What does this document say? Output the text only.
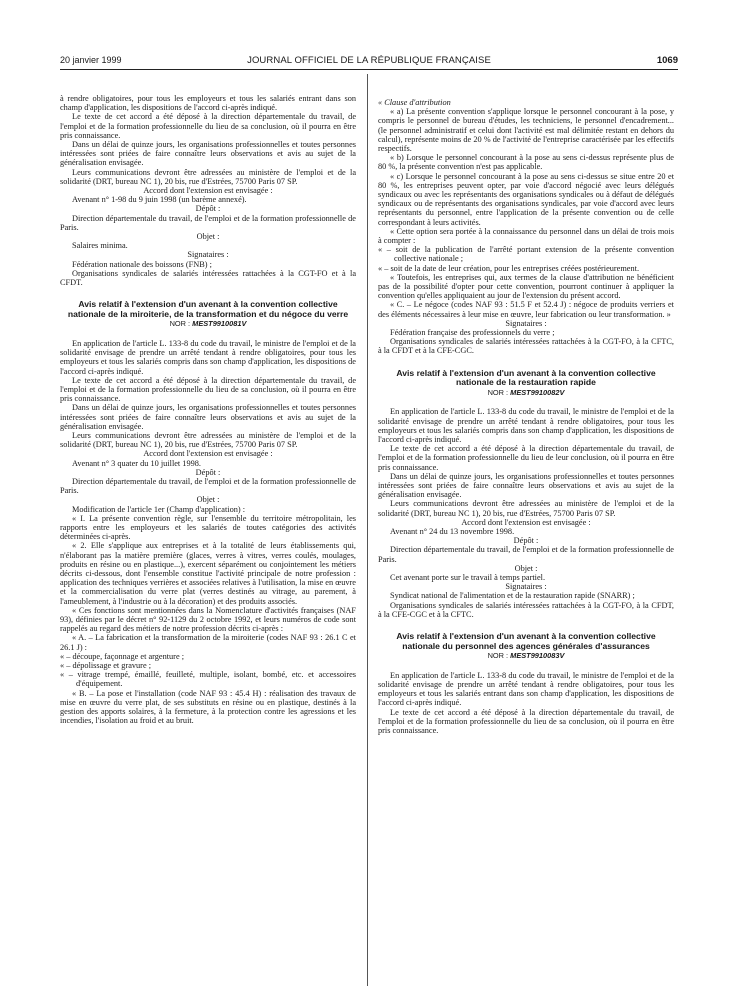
20 janvier 1999	JOURNAL OFFICIEL DE LA RÉPUBLIQUE FRANÇAISE	1069

à rendre obligatoires, pour tous les employeurs et tous les salariés entrant dans son champ d'application, les dispositions de l'accord ci-après indiqué.

Le texte de cet accord a été déposé à la direction départementale du travail, de l'emploi et de la formation professionnelle du lieu de sa conclusion, où il pourra en être pris connaissance.

Dans un délai de quinze jours, les organisations professionnelles et toutes personnes intéressées sont priées de faire connaître leurs observations et avis au sujet de la généralisation envisagée.

Leurs communications devront être adressées au ministère de l'emploi et de la solidarité (DRT, bureau NC 1), 20 bis, rue d'Estrées, 75700 Paris 07 SP.

Accord dont l'extension est envisagée :

Avenant n° 1-98 du 9 juin 1998 (un barème annexé).

Dépôt :

Direction départementale du travail, de l'emploi et de la formation professionnelle de Paris.

Objet :

Salaires minima.

Signataires :

Fédération nationale des boissons (FNB) ;

Organisations syndicales de salariés intéressées rattachées à la CGT-FO et à la CFDT.

Avis relatif à l'extension d'un avenant à la convention collective nationale de la miroiterie, de la transformation et du négoce du verre

NOR : MEST9910081V

En application de l'article L. 133-8 du code du travail, le ministre de l'emploi et de la solidarité envisage de prendre un arrêté tendant à rendre obligatoires, pour tous les employeurs et tous les salariés compris dans son champ d'application, les dispositions de l'accord ci-après indiqué.

Le texte de cet accord a été déposé à la direction départementale du travail, de l'emploi et de la formation professionnelle du lieu de sa conclusion, où il pourra en être pris connaissance.

Dans un délai de quinze jours, les organisations professionnelles et toutes personnes intéressées sont priées de faire connaître leurs observations et avis au sujet de la généralisation envisagée.

Leurs communications devront être adressées au ministère de l'emploi et de la solidarité (DRT, bureau NC 1), 20 bis, rue d'Estrées, 75700 Paris 07 SP.

Accord dont l'extension est envisagée :

Avenant n° 3 quater du 10 juillet 1998.

Dépôt :

Direction départementale du travail, de l'emploi et de la formation professionnelle de Paris.

Objet :

Modification de l'article 1er (Champ d'application) :

« I. La présente convention règle, sur l'ensemble du territoire métropolitain, les rapports entre les employeurs et les salariés de toutes catégories des activités déterminées ci-après.

« 2. Elle s'applique aux entreprises et à la totalité de leurs établissements qui, n'élaborant pas la matière première (glaces, verres à vitres, verres coulés, moulages, produits en résine ou en plastique...), exercent séparément ou conjointement les métiers décrits ci-dessous, dont l'ensemble constitue l'activité principale de notre profession : application des techniques verrières et associées relatives à l'utilisation, la mise en œuvre et la commercialisation du verre plat (verres destinés au vitrage, au parement, à l'ameublement, à l'industrie ou à la décoration) et des produits associés.

« Ces fonctions sont mentionnées dans la Nomenclature d'activités françaises (NAF 93), définies par le décret n° 92-1129 du 2 octobre 1992, et leurs numéros de code sont rappelés au regard des métiers de notre profession décrits ci-après :

« A. – La fabrication et la transformation de la miroiterie (codes NAF 93 : 26.1 C et 26.1 J) :

« – découpe, façonnage et argenture ;

« – dépolissage et gravure ;

« – vitrage trempé, émaillé, feuilleté, multiple, isolant, bombé, etc. et accessoires d'équipement.

« B. – La pose et l'installation (code NAF 93 : 45.4 H) : réalisation des travaux de mise en œuvre du verre plat, de ses substituts en résine ou en plastique, destinés à la gestion des apports solaires, à la fermeture, à la protection contre les agressions et les incendies, l'isolation au froid et au bruit.

« Clause d'attribution

« a) La présente convention s'applique lorsque le personnel concourant à la pose, y compris le personnel de bureau d'études, les techniciens, le personnel d'encadrement... (le personnel administratif et celui dont l'activité est mal délimitée restant en dehors du calcul), représente moins de 20 % de l'activité de l'entreprise caractérisée par les effectifs respectifs.

« b) Lorsque le personnel concourant à la pose au sens ci-dessus représente plus de 80 %, la présente convention n'est pas applicable.

« c) Lorsque le personnel concourant à la pose au sens ci-dessus se situe entre 20 et 80 %, les entreprises peuvent opter, par voie d'accord négocié avec leurs délégués syndicaux ou avec les représentants des organisations syndicales ou à défaut de délégués syndicaux ou de représentants des organisations syndicales, par voie d'accord avec leurs représentants du personnel, entre l'application de la présente convention ou de celle correspondant à leurs activités.

« Cette option sera portée à la connaissance du personnel dans un délai de trois mois à compter :

« – soit de la publication de l'arrêté portant extension de la présente convention collective nationale ;

« – soit de la date de leur création, pour les entreprises créées postérieurement.

« Toutefois, les entreprises qui, aux termes de la clause d'attribution ne bénéficient pas de la possibilité d'opter pour cette convention, pourront continuer à appliquer la convention qu'elles appliquaient au jour de l'extension du présent accord.

« C. – Le négoce (codes NAF 93 : 51.5 F et 52.4 J) : négoce de produits verriers et des éléments nécessaires à leur mise en œuvre, leur fabrication ou leur transformation. »

Signataires :

Fédération française des professionnels du verre ;

Organisations syndicales de salariés intéressées rattachées à la CGT-FO, à la CFTC, à la CFDT et à la CFE-CGC.

Avis relatif à l'extension d'un avenant à la convention collective nationale de la restauration rapide

NOR : MEST9910082V

En application de l'article L. 133-8 du code du travail, le ministre de l'emploi et de la solidarité envisage de prendre un arrêté tendant à rendre obligatoires, pour tous les employeurs et tous les salariés compris dans son champ d'application, les dispositions de l'accord ci-après indiqué.

Le texte de cet accord a été déposé à la direction départementale du travail, de l'emploi et de la formation professionnelle du lieu de leur conclusion, où il pourra en être pris connaissance.

Dans un délai de quinze jours, les organisations professionnelles et toutes personnes intéressées sont priées de faire connaître leurs observations et avis au sujet de la généralisation envisagée.

Leurs communications devront être adressées au ministère de l'emploi et de la solidarité (DRT, bureau NC 1), 20 bis, rue d'Estrées, 75700 Paris 07 SP.

Accord dont l'extension est envisagée :

Avenant n° 24 du 13 novembre 1998.

Dépôt :

Direction départementale du travail, de l'emploi et de la formation professionnelle de Paris.

Objet :

Cet avenant porte sur le travail à temps partiel.

Signataires :

Syndicat national de l'alimentation et de la restauration rapide (SNARR) ;

Organisations syndicales de salariés intéressées rattachées à la CGT-FO, à la CFDT, à la CFE-CGC et à la CFTC.

Avis relatif à l'extension d'un avenant à la convention collective nationale du personnel des agences générales d'assurances

NOR : MEST9910083V

En application de l'article L. 133-8 du code du travail, le ministre de l'emploi et de la solidarité envisage de prendre un arrêté tendant à rendre obligatoires, pour tous les employeurs et tous les salariés entrant dans son champ d'application, les dispositions de l'accord ci-après indiqué.

Le texte de cet accord a été déposé à la direction départementale du travail, de l'emploi et de la formation professionnelle du lieu de sa conclusion, où il pourra en être pris connaissance.
